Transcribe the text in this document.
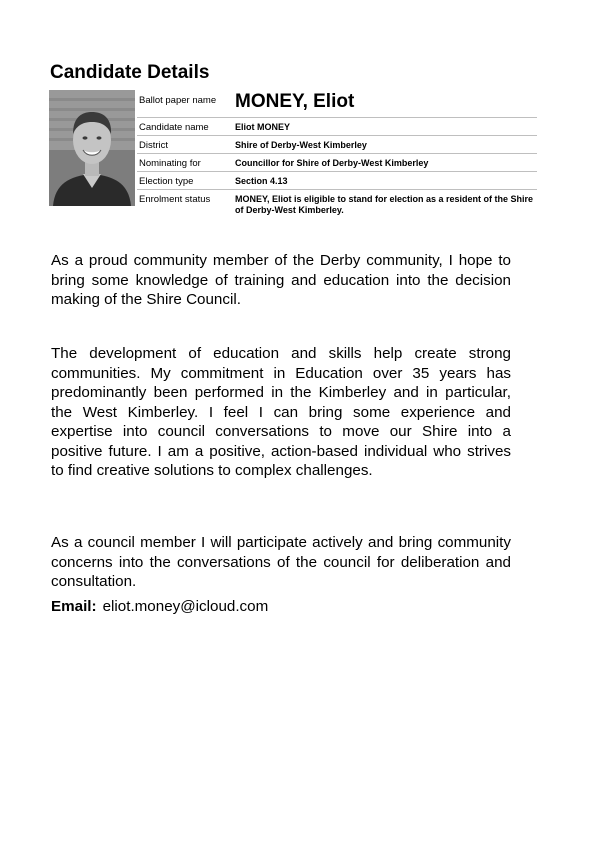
Candidate Details
Ballot paper name MONEY, Eliot
Candidate name	Eliot MONEY
District	Shire of Derby-West Kimberley
Nominating for	Councillor for Shire of Derby-West Kimberley
Election type	Section 4.13
Enrolment status	MONEY, Eliot is eligible to stand for election as a resident of the Shire of Derby-West Kimberley.

As a proud community member of the Derby community, I hope to bring some knowledge of training and education into the decision making of the Shire Council.

The development of education and skills help create strong communities. My commitment in Education over 35 years has predominantly been performed in the Kimberley and in particular, the West Kimberley. I feel I can bring some experience and expertise into council conversations to move our Shire into a positive future. I am a positive, action-based individual who strives to find creative solutions to complex challenges.

As a council member I will participate actively and bring community concerns into the conversations of the council for deliberation and consultation.

Email: eliot.money@icloud.com
